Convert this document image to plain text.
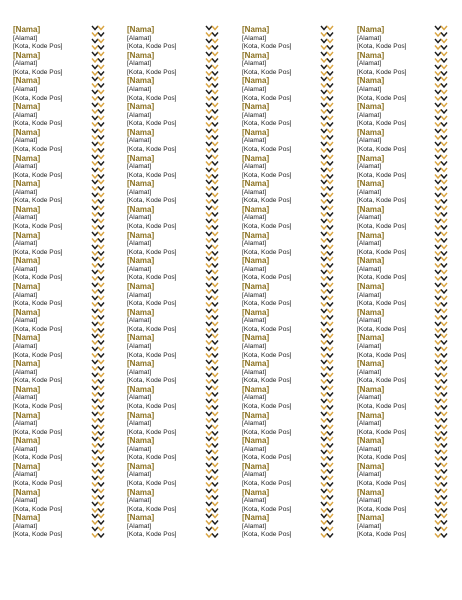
[Nama]
[Alamat]
[Kota, Kode Pos]
[Nama]
[Alamat]
[Kota, Kode Pos]
[Nama]
[Alamat]
[Kota, Kode Pos]
[Nama]
[Alamat]
[Kota, Kode Pos]
[Nama]
[Alamat]
[Kota, Kode Pos]
[Nama]
[Alamat]
[Kota, Kode Pos]
[Nama]
[Alamat]
[Kota, Kode Pos]
[Nama]
[Alamat]
[Kota, Kode Pos]
[Nama]
[Alamat]
[Kota, Kode Pos]
[Nama]
[Alamat]
[Kota, Kode Pos]
[Nama]
[Alamat]
[Kota, Kode Pos]
[Nama]
[Alamat]
[Kota, Kode Pos]
[Nama]
[Alamat]
[Kota, Kode Pos]
[Nama]
[Alamat]
[Kota, Kode Pos]
[Nama]
[Alamat]
[Kota, Kode Pos]
[Nama]
[Alamat]
[Kota, Kode Pos]
[Nama]
[Alamat]
[Kota, Kode Pos]
[Nama]
[Alamat]
[Kota, Kode Pos]
[Nama]
[Alamat]
[Kota, Kode Pos]
[Nama]
[Alamat]
[Kota, Kode Pos]
[Nama]
[Alamat]
[Kota, Kode Pos]
[Nama]
[Alamat]
[Kota, Kode Pos]
[Nama]
[Alamat]
[Kota, Kode Pos]
[Nama]
[Alamat]
[Kota, Kode Pos]
[Nama]
[Alamat]
[Kota, Kode Pos]
[Nama]
[Alamat]
[Kota, Kode Pos]
[Nama]
[Alamat]
[Kota, Kode Pos]
[Nama]
[Alamat]
[Kota, Kode Pos]
[Nama]
[Alamat]
[Kota, Kode Pos]
[Nama]
[Alamat]
[Kota, Kode Pos]
[Nama]
[Alamat]
[Kota, Kode Pos]
[Nama]
[Alamat]
[Kota, Kode Pos]
[Nama]
[Alamat]
[Kota, Kode Pos]
[Nama]
[Alamat]
[Kota, Kode Pos]
[Nama]
[Alamat]
[Kota, Kode Pos]
[Nama]
[Alamat]
[Kota, Kode Pos]
[Nama]
[Alamat]
[Kota, Kode Pos]
[Nama]
[Alamat]
[Kota, Kode Pos]
[Nama]
[Alamat]
[Kota, Kode Pos]
[Nama]
[Alamat]
[Kota, Kode Pos]
[Nama]
[Alamat]
[Kota, Kode Pos]
[Nama]
[Alamat]
[Kota, Kode Pos]
[Nama]
[Alamat]
[Kota, Kode Pos]
[Nama]
[Alamat]
[Kota, Kode Pos]
[Nama]
[Alamat]
[Kota, Kode Pos]
[Nama]
[Alamat]
[Kota, Kode Pos]
[Nama]
[Alamat]
[Kota, Kode Pos]
[Nama]
[Alamat]
[Kota, Kode Pos]
[Nama]
[Alamat]
[Kota, Kode Pos]
[Nama]
[Alamat]
[Kota, Kode Pos]
[Nama]
[Alamat]
[Kota, Kode Pos]
[Nama]
[Alamat]
[Kota, Kode Pos]
[Nama]
[Alamat]
[Kota, Kode Pos]
[Nama]
[Alamat]
[Kota, Kode Pos]
[Nama]
[Alamat]
[Kota, Kode Pos]
[Nama]
[Alamat]
[Kota, Kode Pos]
[Nama]
[Alamat]
[Kota, Kode Pos]
[Nama]
[Alamat]
[Kota, Kode Pos]
[Nama]
[Alamat]
[Kota, Kode Pos]
[Nama]
[Alamat]
[Kota, Kode Pos]
[Nama]
[Alamat]
[Kota, Kode Pos]
[Nama]
[Alamat]
[Kota, Kode Pos]
[Nama]
[Alamat]
[Kota, Kode Pos]
[Nama]
[Alamat]
[Kota, Kode Pos]
[Nama]
[Alamat]
[Kota, Kode Pos]
[Nama]
[Alamat]
[Kota, Kode Pos]
[Nama]
[Alamat]
[Kota, Kode Pos]
[Nama]
[Alamat]
[Kota, Kode Pos]
[Nama]
[Alamat]
[Kota, Kode Pos]
[Nama]
[Alamat]
[Kota, Kode Pos]
[Nama]
[Alamat]
[Kota, Kode Pos]
[Nama]
[Alamat]
[Kota, Kode Pos]
[Nama]
[Alamat]
[Kota, Kode Pos]
[Nama]
[Alamat]
[Kota, Kode Pos]
[Nama]
[Alamat]
[Kota, Kode Pos]
[Nama]
[Alamat]
[Kota, Kode Pos]
[Nama]
[Alamat]
[Kota, Kode Pos]
[Nama]
[Alamat]
[Kota, Kode Pos]
[Nama]
[Alamat]
[Kota, Kode Pos]
[Nama]
[Alamat]
[Kota, Kode Pos]
